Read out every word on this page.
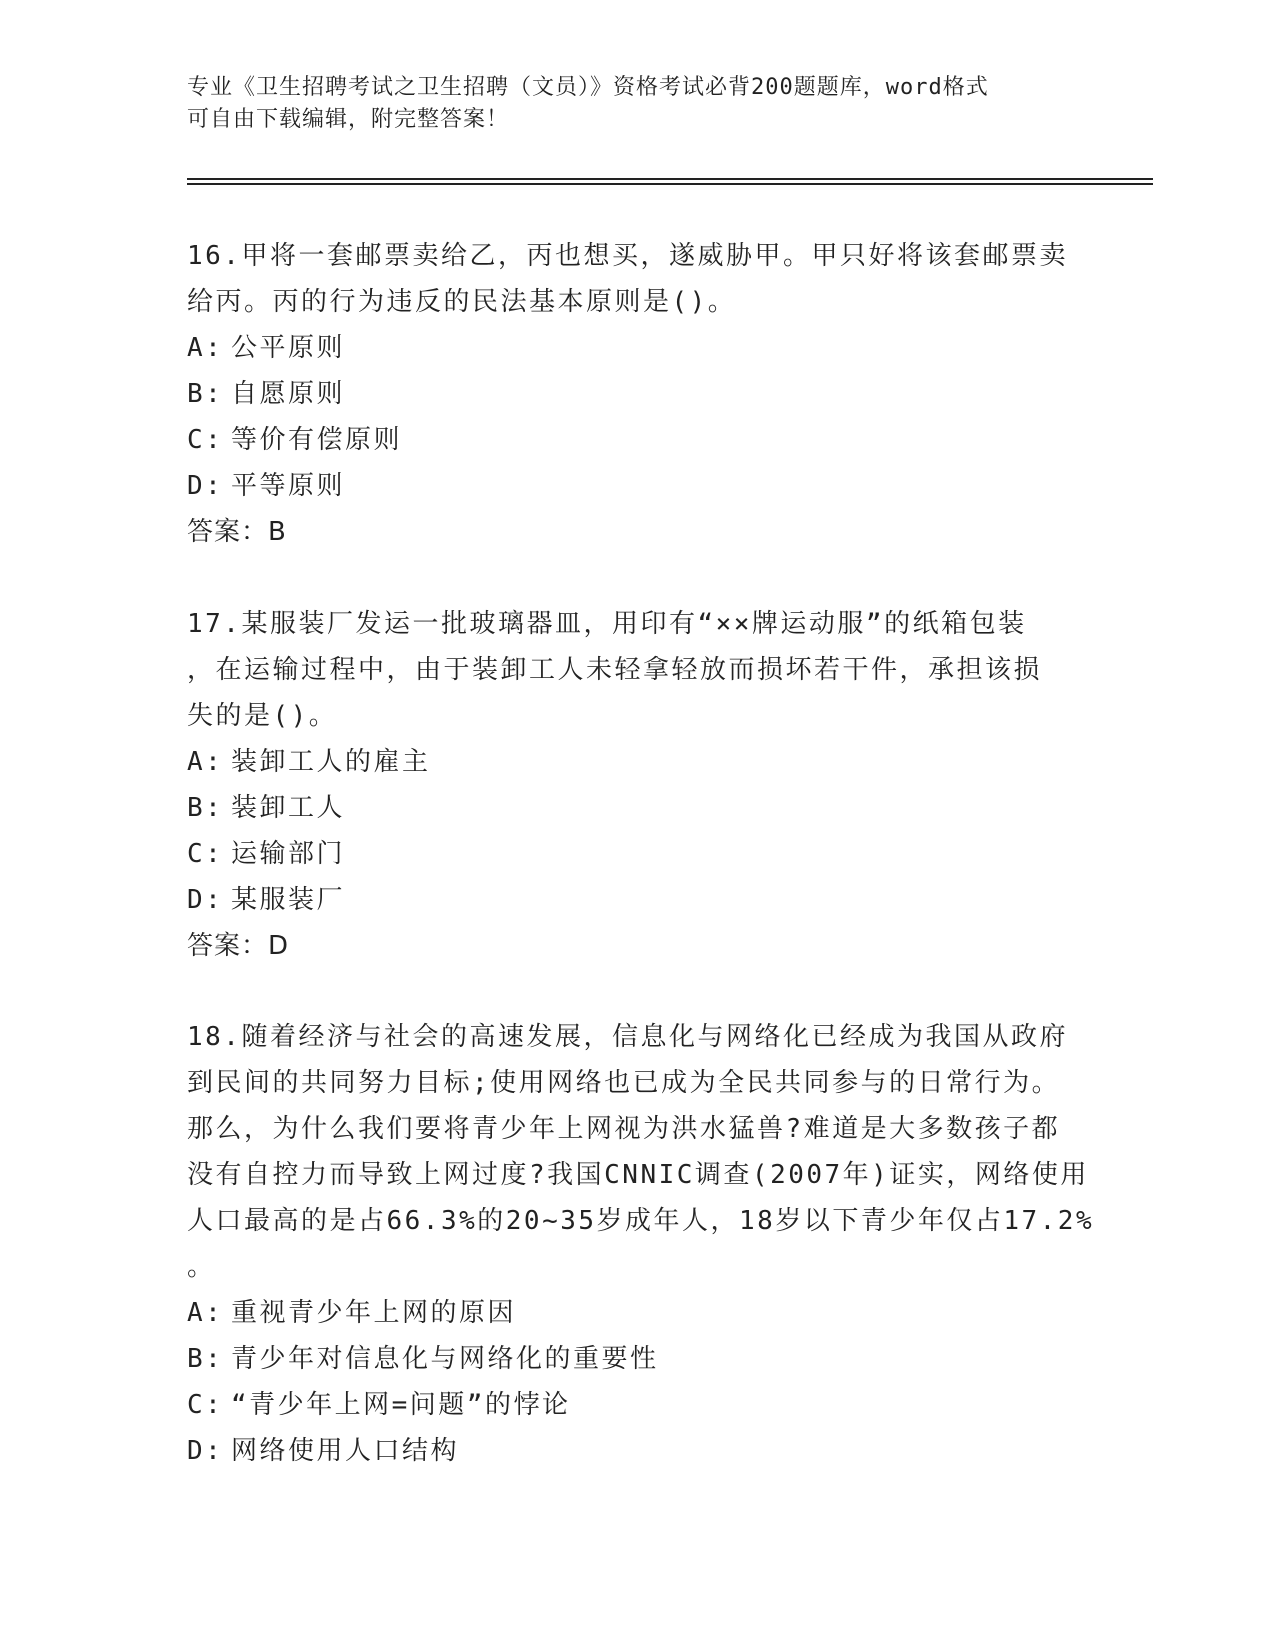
专业《卫生招聘考试之卫生招聘（文员）》资格考试必背200题题库，word格式
可自由下载编辑，附完整答案！
16.甲将一套邮票卖给乙，丙也想买，遂威胁甲。甲只好将该套邮票卖
给丙。丙的行为违反的民法基本原则是()。
A: 公平原则
B: 自愿原则
C: 等价有偿原则
D: 平等原则
答案：B
17.某服装厂发运一批玻璃器皿，用印有“××牌运动服”的纸箱包装
，在运输过程中，由于装卸工人未轻拿轻放而损坏若干件，承担该损
失的是()。
A: 装卸工人的雇主
B: 装卸工人
C: 运输部门
D: 某服装厂
答案：D
18.随着经济与社会的高速发展，信息化与网络化已经成为我国从政府
到民间的共同努力目标;使用网络也已成为全民共同参与的日常行为。
那么，为什么我们要将青少年上网视为洪水猛兽?难道是大多数孩子都
没有自控力而导致上网过度?我国CNNIC调查(2007年)证实，网络使用
人口最高的是占66.3%的20~35岁成年人，18岁以下青少年仅占17.2%
。
A: 重视青少年上网的原因
B: 青少年对信息化与网络化的重要性
C: “青少年上网=问题”的悖论
D: 网络使用人口结构
